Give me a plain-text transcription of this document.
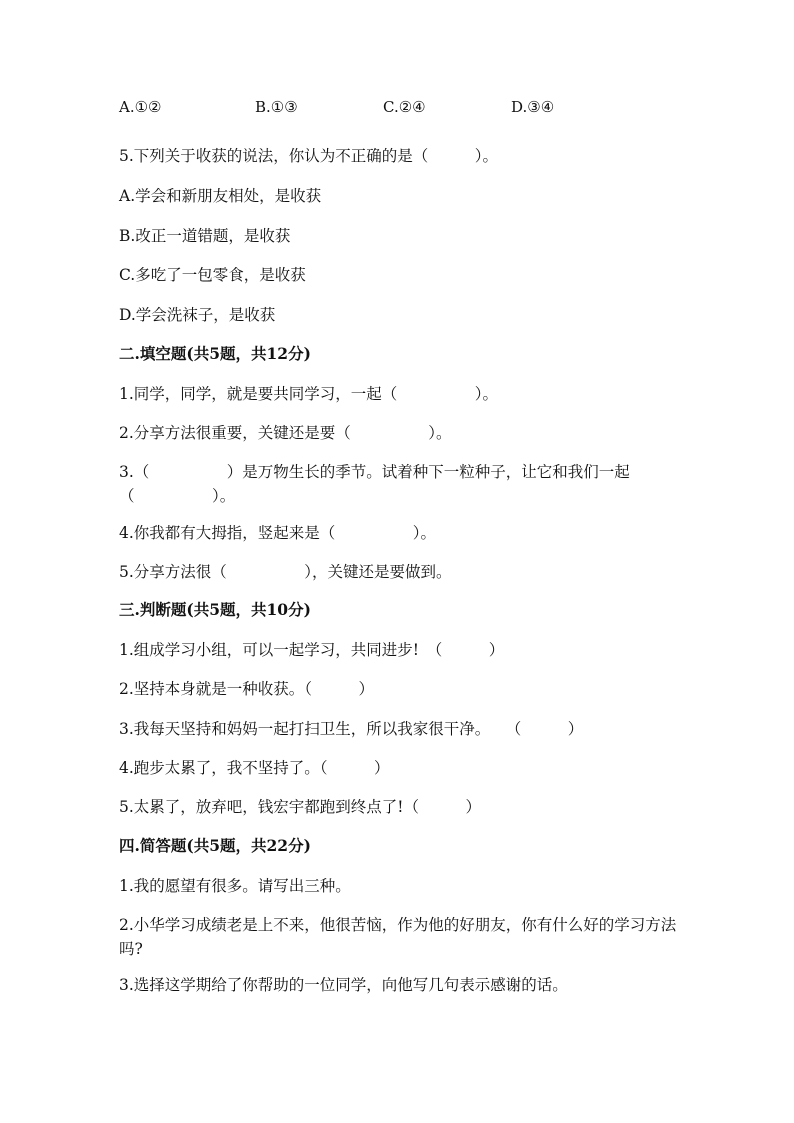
A.①②	B.①③	C.②④	D.③④

5.下列关于收获的说法，你认为不正确的是（　　　）。

A.学会和新朋友相处，是收获

B.改正一道错题，是收获

C.多吃了一包零食，是收获

D.学会洗袜子，是收获

二.填空题(共5题，共12分)

1.同学，同学，就是要共同学习，一起（　　　　　）。

2.分享方法很重要，关键还是要（　　　　　）。

3.（　　　　　）是万物生长的季节。试着种下一粒种子，让它和我们一起（　　　　　）。

4.你我都有大拇指，竖起来是（　　　　　）。

5.分享方法很（　　　　　），关键还是要做到。

三.判断题(共5题，共10分)

1.组成学习小组，可以一起学习，共同进步!　（　　　）

2.坚持本身就是一种收获。（　　　）

3.我每天坚持和妈妈一起打扫卫生，所以我家很干净。　　（　　　）

4.跑步太累了，我不坚持了。（　　　）

5.太累了，放弃吧，钱宏宇都跑到终点了!（　　　）

四.简答题(共5题，共22分)

1.我的愿望有很多。请写出三种。

2.小华学习成绩老是上不来，他很苦恼，作为他的好朋友，你有什么好的学习方法吗?

3.选择这学期给了你帮助的一位同学，向他写几句表示感谢的话。
